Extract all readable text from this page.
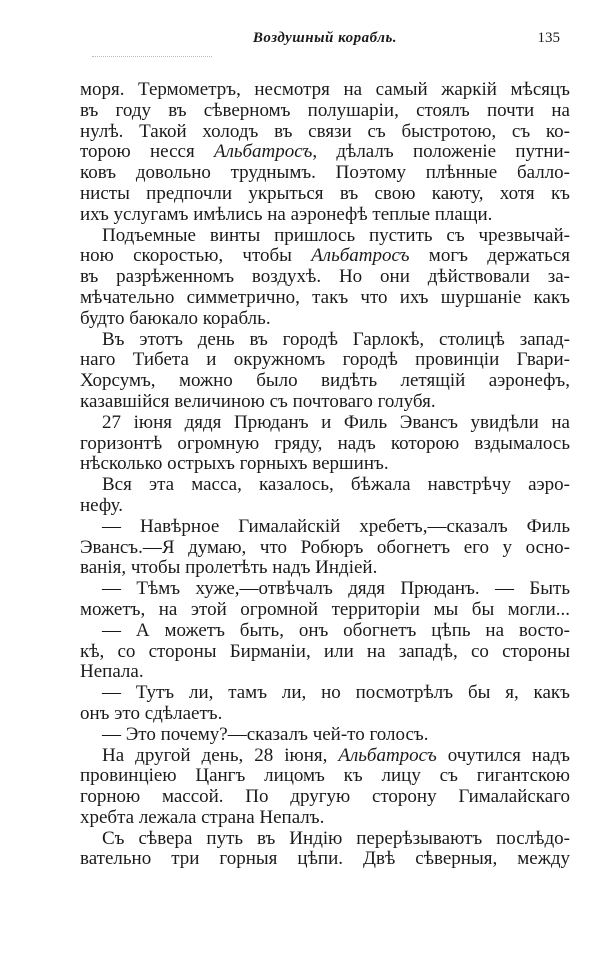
Воздушный корабль.	135
моря. Термометръ, несмотря на самый жаркій мѣсяцъ
въ году въ сѣверномъ полушаріи, стоялъ почти на
нулѣ. Такой холодъ въ связи съ быстротою, съ ко-
торою несся Альбатросъ, дѣлалъ положеніе путни-
ковъ довольно труднымъ. Поэтому плѣнные балло-
нисты предпочли укрыться въ свою каюту, хотя къ
ихъ услугамъ имѣлись на аэронефѣ теплые плащи.
Подъемные винты пришлось пустить съ чрезвычай-
ною скоростью, чтобы Альбатросъ могъ держаться
въ разрѣженномъ воздухѣ. Но они дѣйствовали за-
мѣчательно симметрично, такъ что ихъ шуршаніе какъ
будто баюкало корабль.
Въ этотъ день въ городѣ Гарлокѣ, столицѣ запад-
наго Тибета и окружномъ городѣ провинціи Гвари-
Хорсумъ, можно было видѣть летящій аэронефъ,
казавшійся величиною съ почтоваго голубя.
27 іюня дядя Прюданъ и Филь Эвансъ увидѣли на
горизонтѣ огромную гряду, надъ которою вздымалось
нѣсколько острыхъ горныхъ вершинъ.
Вся эта масса, казалось, бѣжала навстрѣчу аэро-
нефу.
— Навѣрное Гималайскій хребетъ,—сказалъ Филь
Эвансъ.—Я думаю, что Робюръ обогнетъ его у осно-
ванія, чтобы пролетѣть надъ Индіей.
— Тѣмъ хуже,—отвѣчалъ дядя Прюданъ. — Быть
можетъ, на этой огромной территоріи мы бы могли...
— А можетъ быть, онъ обогнетъ цѣпь на восто-
кѣ, со стороны Бирманіи, или на западѣ, со стороны
Непала.
— Тутъ ли, тамъ ли, но посмотрѣлъ бы я, какъ
онъ это сдѣлаетъ.
— Это почему?—сказалъ чей-то голосъ.
На другой день, 28 іюня, Альбатросъ очутился надъ
провинціею Цангъ лицомъ къ лицу съ гигантскою
горною массой. По другую сторону Гималайскаго
хребта лежала страна Непалъ.
Съ сѣвера путь въ Индію перерѣзываютъ послѣдо-
вательно три горныя цѣпи. Двѣ сѣверныя, между
